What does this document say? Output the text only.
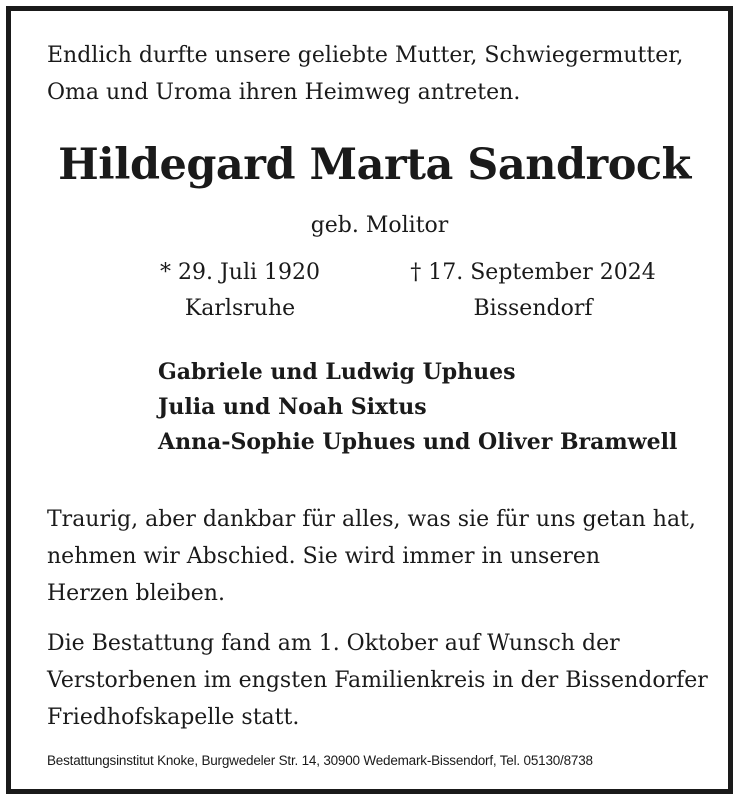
Endlich durfte unsere geliebte Mutter, Schwiegermutter,
Oma und Uroma ihren Heimweg antreten.
Hildegard Marta Sandrock
geb. Molitor
* 29. Juli 1920
Karlsruhe
† 17. September 2024
Bissendorf
Gabriele und Ludwig Uphues
Julia und Noah Sixtus
Anna-Sophie Uphues und Oliver Bramwell
Traurig, aber dankbar für alles, was sie für uns getan hat,
nehmen wir Abschied. Sie wird immer in unseren
Herzen bleiben.
Die Bestattung fand am 1. Oktober auf Wunsch der
Verstorbenen im engsten Familienkreis in der Bissendorfer
Friedhofskapelle statt.
Bestattungsinstitut Knoke, Burgwedeler Str. 14, 30900 Wedemark-Bissendorf, Tel. 05130/8738
